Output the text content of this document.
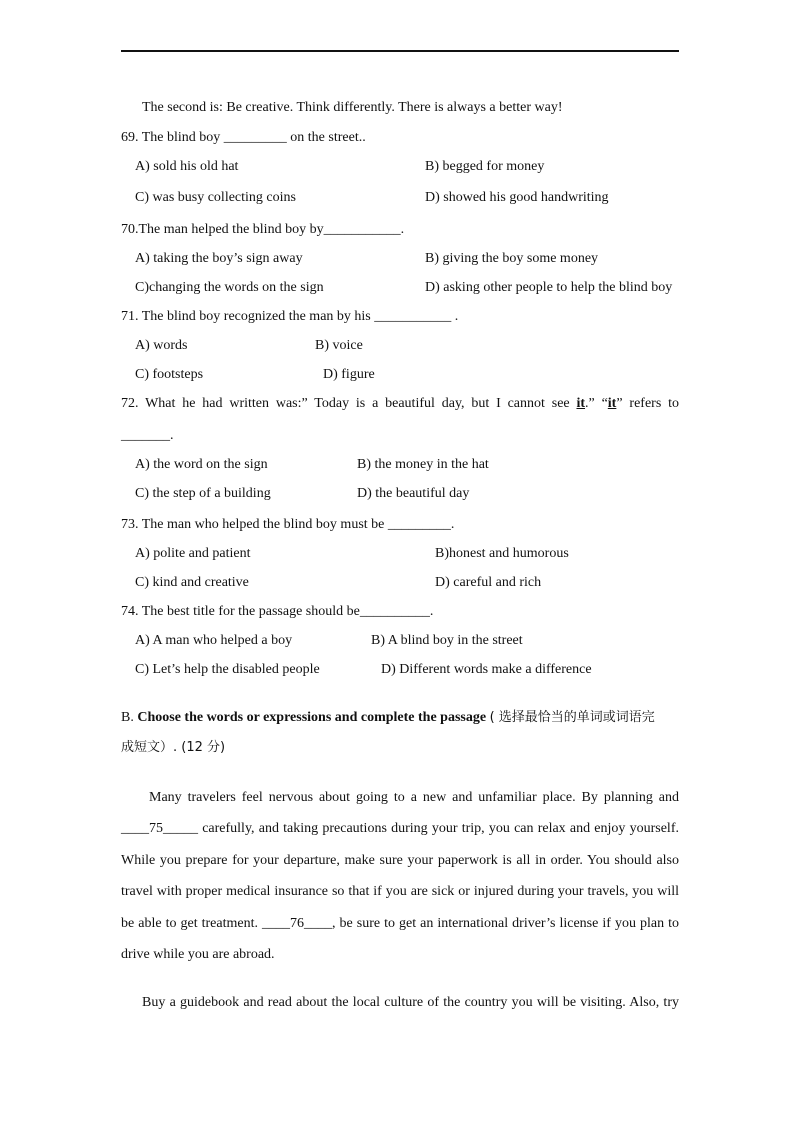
The second is: Be creative. Think differently. There is always a better way!
69. The blind boy _________ on the street..
A) sold his old hat	B) begged for money
C) was busy collecting coins	D) showed his good handwriting
70.The man helped the blind boy by___________.
A) taking the boy’s sign away	B) giving the boy some money
C)changing the words on the sign	D) asking other people to help the blind boy
71. The blind boy recognized the man by his ___________ .
A) words	B) voice
C) footsteps	D) figure
72. What he had written was:” Today is a beautiful day, but I cannot see it.” “it” refers to
_______.
A) the word on the sign	B) the money in the hat
C) the step of a building	D) the beautiful day
73. The man who helped the blind boy must be _________.
A) polite and patient	B)honest and humorous
C) kind and creative	D) careful and rich
74. The best title for the passage should be__________.
A) A man who helped a boy	B) A blind boy in the street
C) Let’s help the disabled people	D) Different words make a difference
B. Choose the words or expressions and complete the passage ( 选择最恰当的单词或词语完
成短文）. (12 分)
Many travelers feel nervous about going to a new and unfamiliar place. By planning and
____75_____ carefully, and taking precautions during your trip, you can relax and enjoy yourself.
While you prepare for your departure, make sure your paperwork is all in order. You should also
travel with proper medical insurance so that if you are sick or injured during your travels, you will
be able to get treatment. ____76____, be sure to get an international driver’s license if you plan to
drive while you are abroad.
Buy a guidebook and read about the local culture of the country you will be visiting. Also, try
